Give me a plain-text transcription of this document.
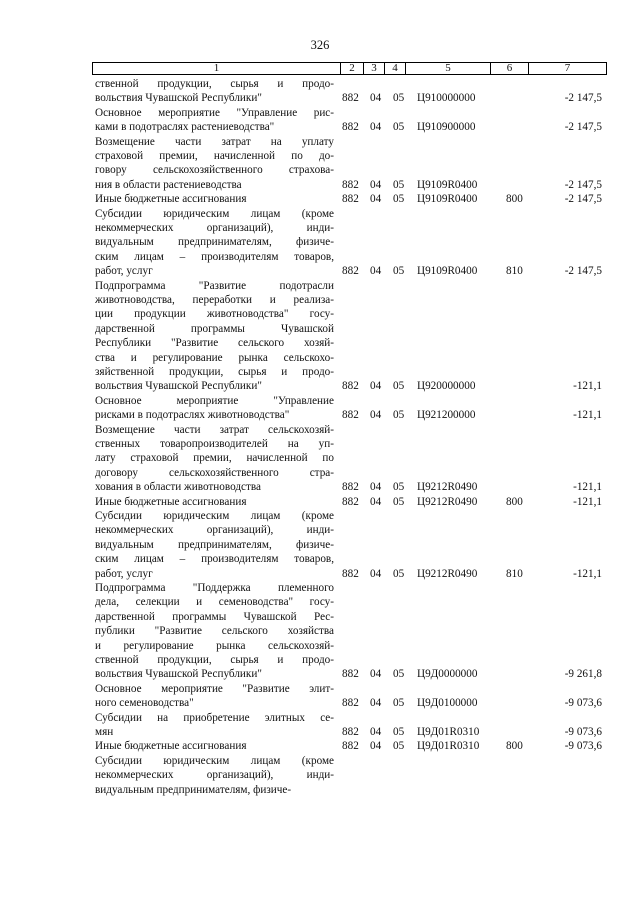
326
1	2	3	4	5	6	7
ственной продукции, сырья и продо-
вольствия Чувашской Республики"	882 04 05 Ц910000000	-2 147,5
Основное мероприятие "Управление рис-
ками в подотраслях растениеводства"	882 04 05 Ц910900000	-2 147,5
Возмещение части затрат на уплату
страховой премии, начисленной по до-
говору сельскохозяйственного страхова-
ния в области растениеводства	882 04 05 Ц9109R0400	-2 147,5
Иные бюджетные ассигнования	882 04 05 Ц9109R0400	800	-2 147,5
Субсидии юридическим лицам (кроме
некоммерческих организаций), инди-
видуальным предпринимателям, физиче-
ским лицам – производителям товаров,
работ, услуг	882 04 05 Ц9109R0400	810	-2 147,5
Подпрограмма "Развитие подотрасли
животноводства, переработки и реализа-
ции продукции животноводства" госу-
дарственной программы Чувашской
Республики "Развитие сельского хозяй-
ства и регулирование рынка сельскохо-
зяйственной продукции, сырья и продо-
вольствия Чувашской Республики"	882 04 05 Ц920000000	-121,1
Основное мероприятие "Управление
рисками в подотраслях животноводства"	882 04 05 Ц921200000	-121,1
Возмещение части затрат сельскохозяй-
ственных товаропроизводителей на уп-
лату страховой премии, начисленной по
договору сельскохозяйственного стра-
хования в области животноводства	882 04 05 Ц9212R0490	-121,1
Иные бюджетные ассигнования	882 04 05 Ц9212R0490	800	-121,1
Субсидии юридическим лицам (кроме
некоммерческих организаций), инди-
видуальным предпринимателям, физиче-
ским лицам – производителям товаров,
работ, услуг	882 04 05 Ц9212R0490	810	-121,1
Подпрограмма "Поддержка племенного
дела, селекции и семеноводства" госу-
дарственной программы Чувашской Рес-
публики "Развитие сельского хозяйства
и регулирование рынка сельскохозяй-
ственной продукции, сырья и продо-
вольствия Чувашской Республики"	882 04 05 Ц9Д0000000	-9 261,8
Основное мероприятие "Развитие элит-
ного семеноводства"	882 04 05 Ц9Д0100000	-9 073,6
Субсидии на приобретение элитных се-
мян	882 04 05 Ц9Д01R0310	-9 073,6
Иные бюджетные ассигнования	882 04 05 Ц9Д01R0310 800	-9 073,6
Субсидии юридическим лицам (кроме
некоммерческих организаций), инди-
видуальным предпринимателям, физиче-
